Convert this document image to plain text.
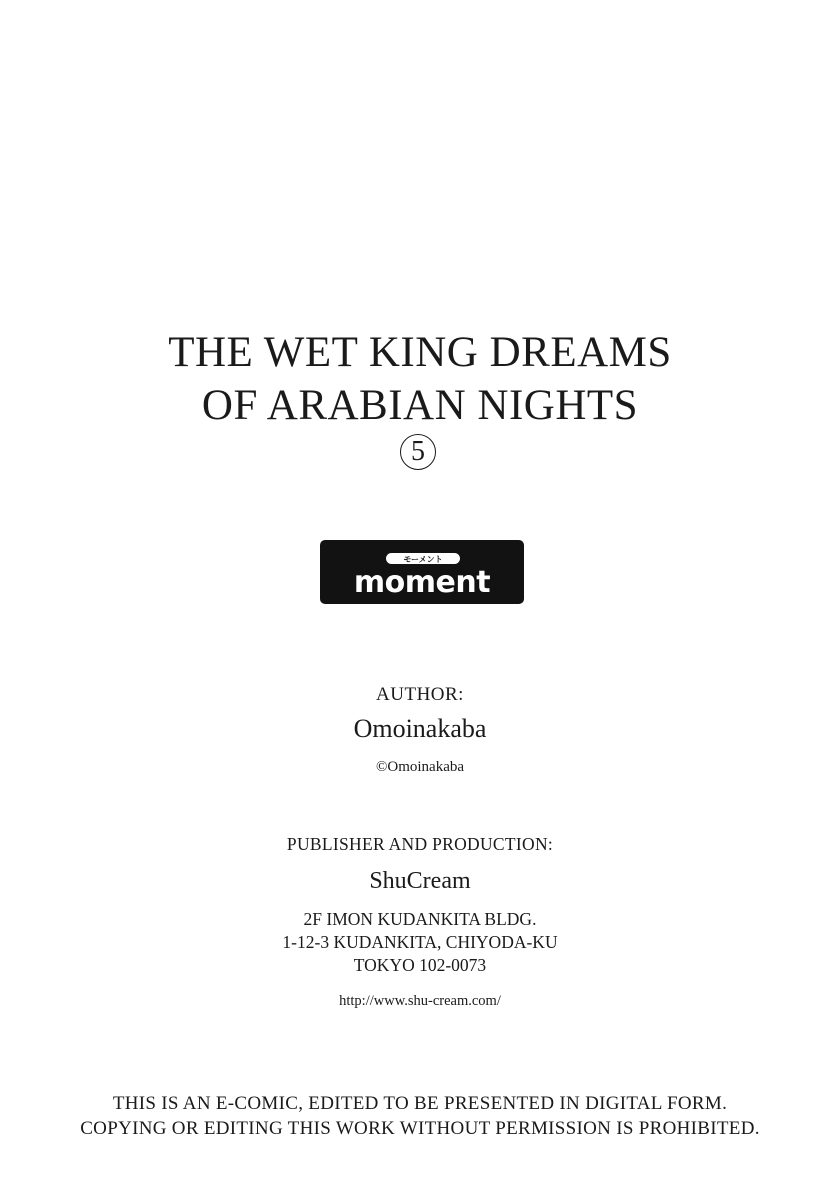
THE WET KING DREAMS
OF ARABIAN NIGHTS
5
モーメント
moment
AUTHOR:
Omoinakaba
©Omoinakaba
PUBLISHER AND PRODUCTION:
ShuCream
2F IMON KUDANKITA BLDG.
1-12-3 KUDANKITA, CHIYODA-KU
TOKYO 102-0073
http://www.shu-cream.com/
THIS IS AN E-COMIC, EDITED TO BE PRESENTED IN DIGITAL FORM.
COPYING OR EDITING THIS WORK WITHOUT PERMISSION IS PROHIBITED.
